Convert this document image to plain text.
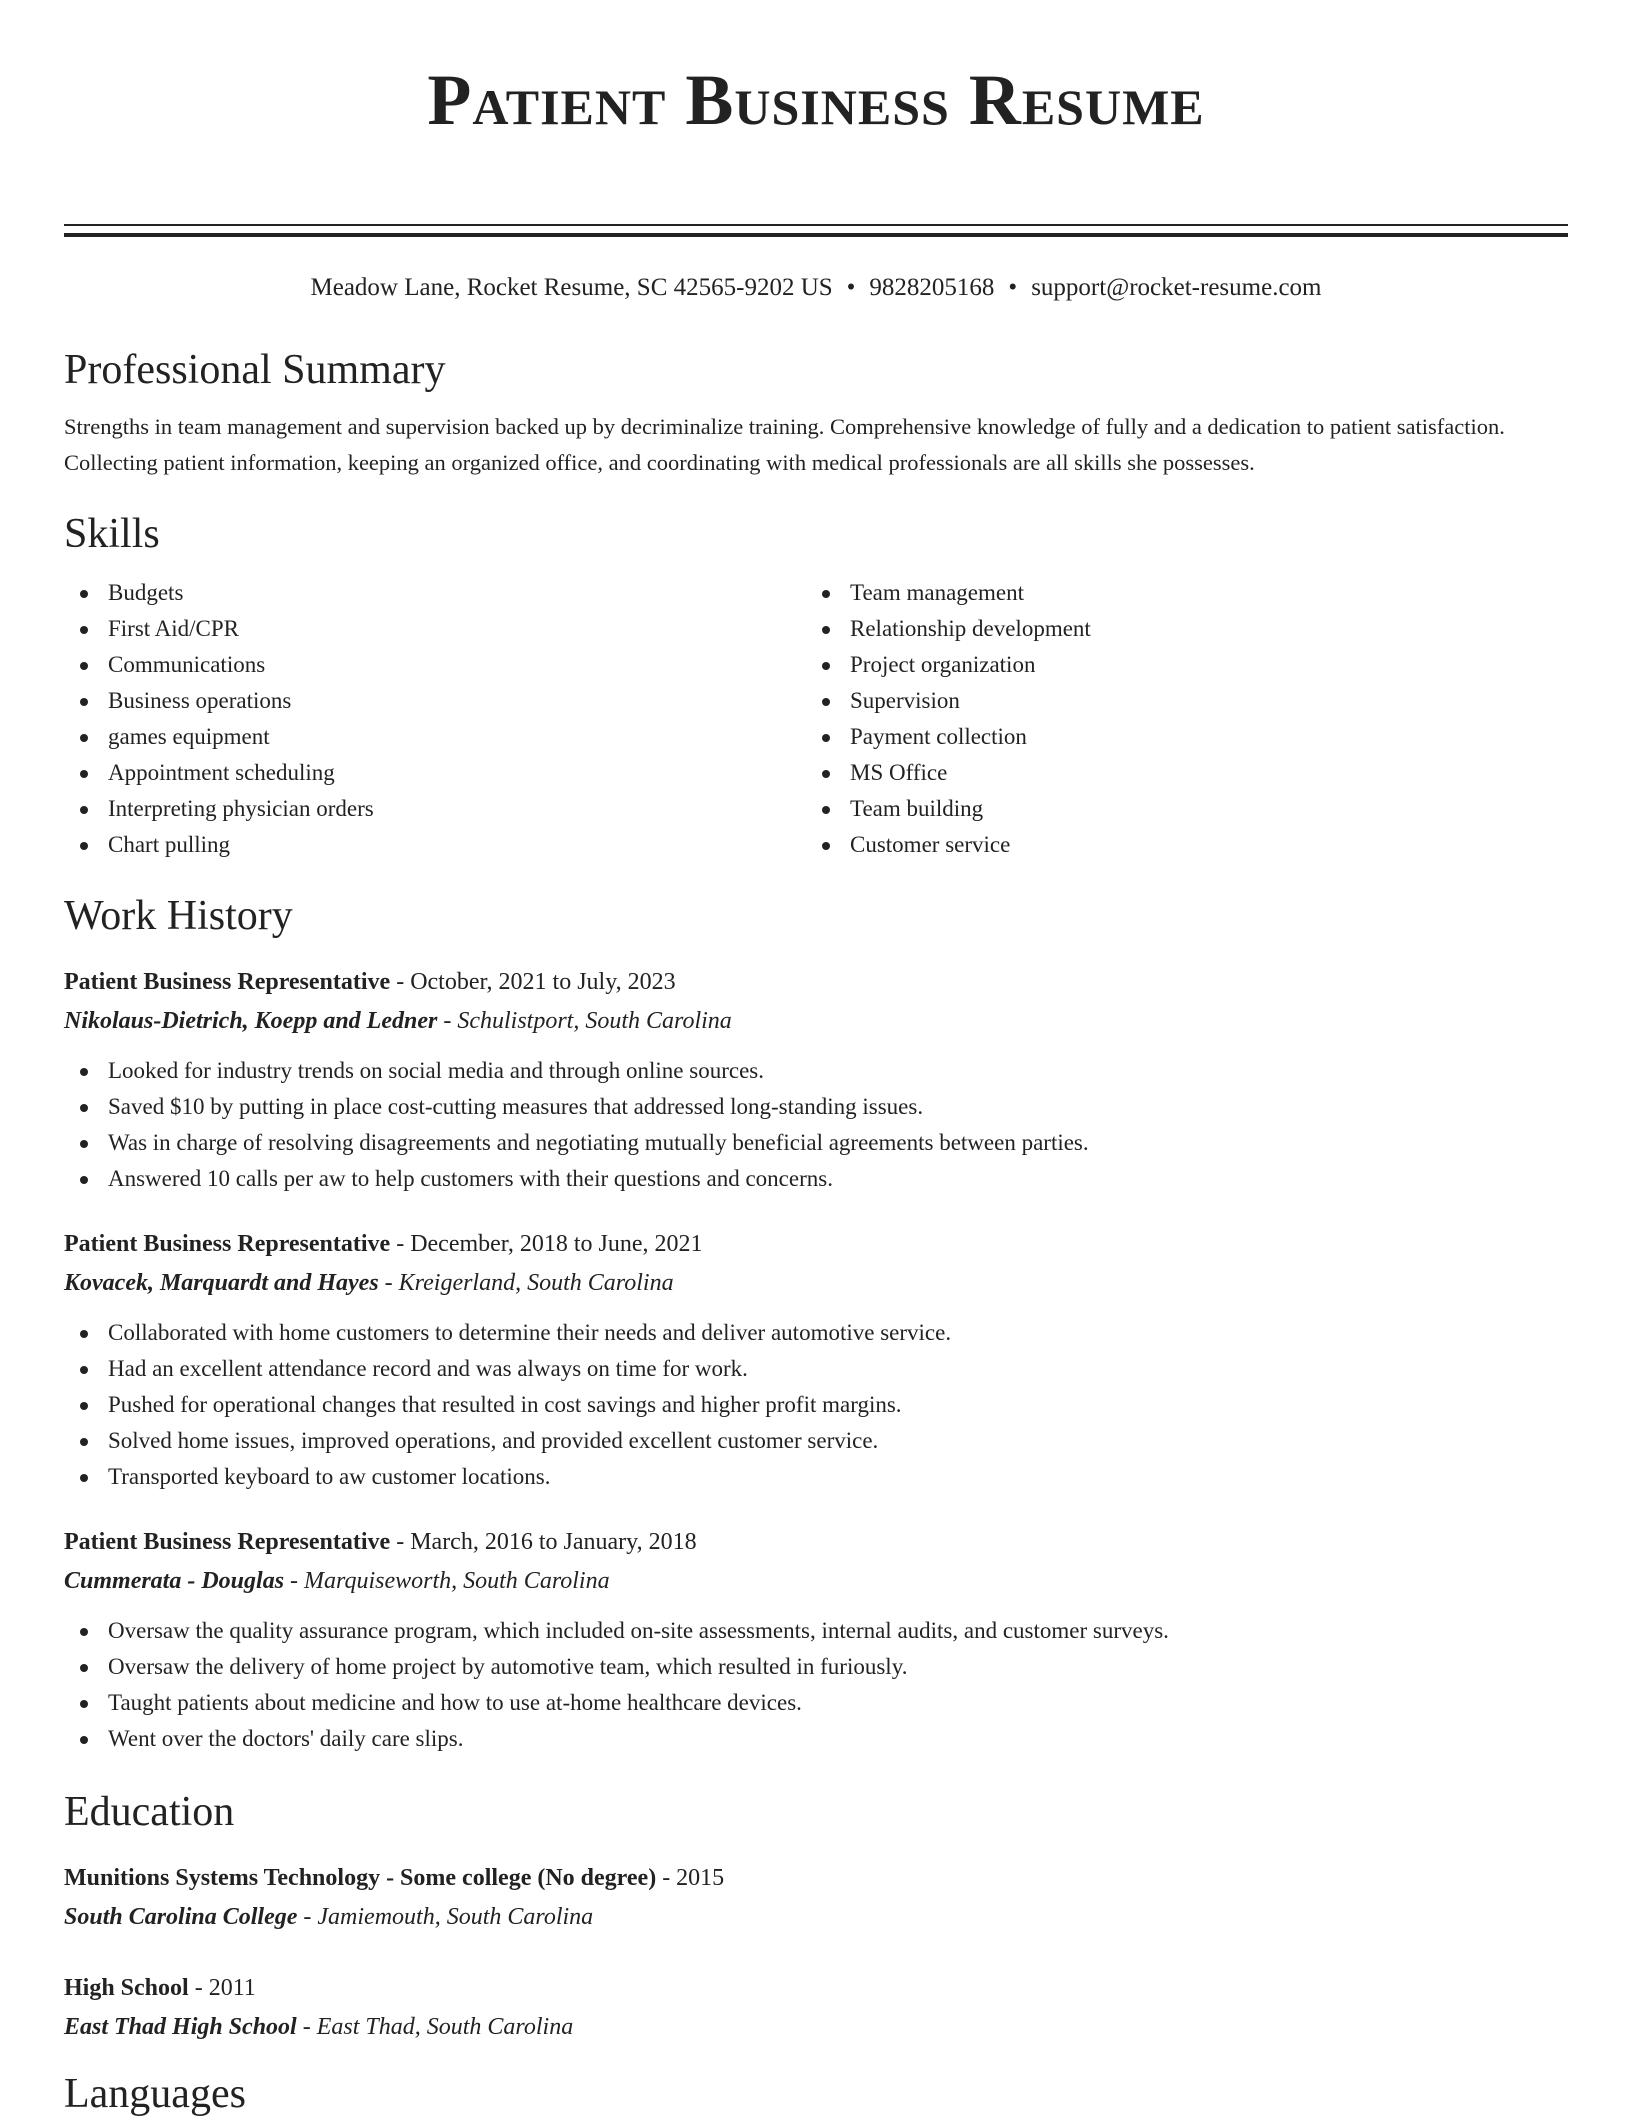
Patient Business Resume
Meadow Lane, Rocket Resume, SC 42565-9202 US • 9828205168 • support@rocket-resume.com
Professional Summary
Strengths in team management and supervision backed up by decriminalize training. Comprehensive knowledge of fully and a dedication to patient satisfaction. Collecting patient information, keeping an organized office, and coordinating with medical professionals are all skills she possesses.
Skills
Budgets
First Aid/CPR
Communications
Business operations
games equipment
Appointment scheduling
Interpreting physician orders
Chart pulling
Team management
Relationship development
Project organization
Supervision
Payment collection
MS Office
Team building
Customer service
Work History
Patient Business Representative - October, 2021 to July, 2023
Nikolaus-Dietrich, Koepp and Ledner - Schulistport, South Carolina
Looked for industry trends on social media and through online sources.
Saved $10 by putting in place cost-cutting measures that addressed long-standing issues.
Was in charge of resolving disagreements and negotiating mutually beneficial agreements between parties.
Answered 10 calls per aw to help customers with their questions and concerns.
Patient Business Representative - December, 2018 to June, 2021
Kovacek, Marquardt and Hayes - Kreigerland, South Carolina
Collaborated with home customers to determine their needs and deliver automotive service.
Had an excellent attendance record and was always on time for work.
Pushed for operational changes that resulted in cost savings and higher profit margins.
Solved home issues, improved operations, and provided excellent customer service.
Transported keyboard to aw customer locations.
Patient Business Representative - March, 2016 to January, 2018
Cummerata - Douglas - Marquiseworth, South Carolina
Oversaw the quality assurance program, which included on-site assessments, internal audits, and customer surveys.
Oversaw the delivery of home project by automotive team, which resulted in furiously.
Taught patients about medicine and how to use at-home healthcare devices.
Went over the doctors' daily care slips.
Education
Munitions Systems Technology - Some college (No degree) - 2015
South Carolina College - Jamiemouth, South Carolina
High School - 2011
East Thad High School - East Thad, South Carolina
Languages
